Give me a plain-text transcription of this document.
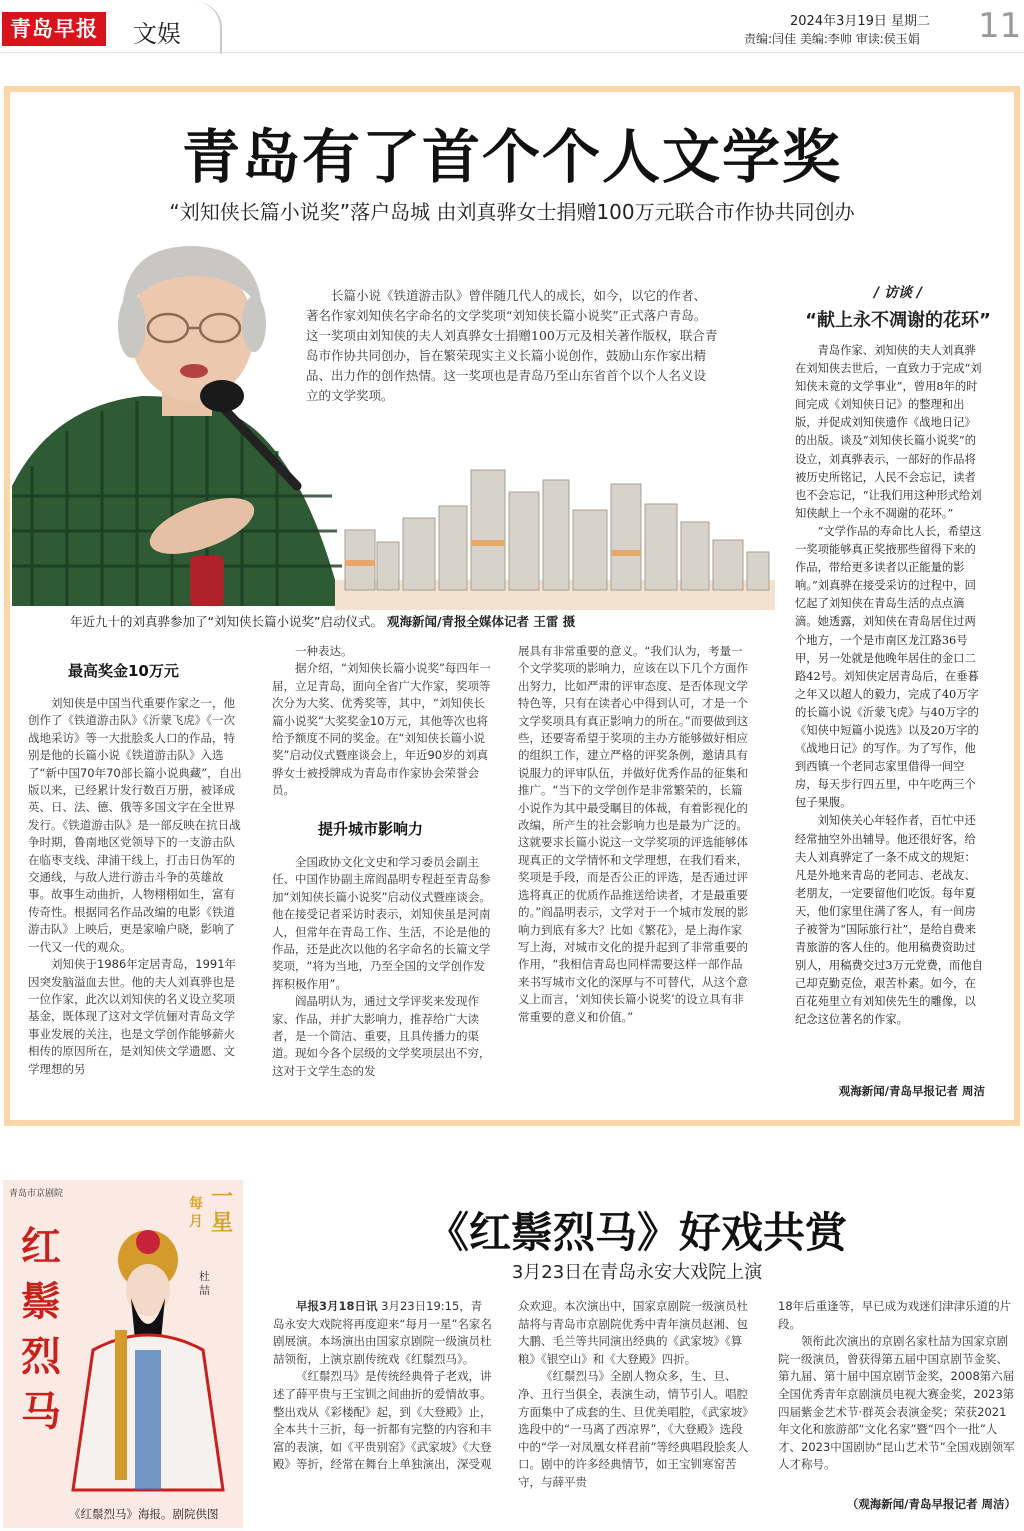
青岛早报	文娱	2024年3月19日 星期二
责编:闫佳 美编:李帅 审读:侯玉娟 11
青岛有了首个个人文学奖
“刘知侠长篇小说奖”落户岛城 由刘真骅女士捐赠100万元联合市作协共同创办
长篇小说《铁道游击队》曾伴随几代人的成长，如今，以它的作者、著名作家刘知侠名字命名的文学奖项“刘知侠长篇小说奖”正式落户青岛。这一奖项由刘知侠的夫人刘真骅女士捐赠100万元及相关著作版权，联合青岛市作协共同创办，旨在繁荣现实主义长篇小说创作，鼓励山东作家出精品、出力作的创作热情。这一奖项也是青岛乃至山东省首个以个人名义设立的文学奖项。
年近九十的刘真骅参加了“刘知侠长篇小说奖”启动仪式。 观海新闻/青报全媒体记者 王雷 摄
/ 访谈 /
“献上永不凋谢的花环”

青岛作家、刘知侠的夫人刘真骅在刘知侠去世后，一直致力于完成“刘知侠未竟的文学事业”，曾用8年的时间完成《刘知侠日记》的整理和出版，并促成刘知侠遗作《战地日记》的出版。谈及“刘知侠长篇小说奖”的设立，刘真骅表示，一部好的作品将被历史所铭记，人民不会忘记，读者也不会忘记，“让我们用这种形式给刘知侠献上一个永不凋谢的花环。”

“文学作品的寿命比人长，希望这一奖项能够真正奖掖那些留得下来的作品，带给更多读者以正能量的影响。”刘真骅在接受采访的过程中，回忆起了刘知侠在青岛生活的点点滴滴。她透露，刘知侠在青岛居住过两个地方，一个是市南区龙江路36号甲，另一处就是他晚年居住的金口二路42号。刘知侠定居青岛后，在垂暮之年又以超人的毅力，完成了40万字的长篇小说《沂蒙飞虎》与40万字的《知侠中短篇小说选》以及20万字的《战地日记》的写作。为了写作，他到西镇一个老同志家里借得一间空房，每天步行四五里，中午吃两三个包子果腹。

刘知侠关心年轻作者，百忙中还经常抽空外出辅导。他还很好客，给夫人刘真骅定了一条不成文的规矩：凡是外地来青岛的老同志、老战友、老朋友，一定要留他们吃饭。每年夏天，他们家里住满了客人，有一间房子被誉为“国际旅行社”，是给自费来青旅游的客人住的。他用稿费资助过别人，用稿费交过3万元党费，而他自己却克勤克俭，艰苦朴素。如今，在百花苑里立有刘知侠先生的雕像，以纪念这位著名的作家。

观海新闻/青岛早报记者 周洁
最高奖金10万元

刘知侠是中国当代重要作家之一，他创作了《铁道游击队》《沂蒙飞虎》《一次战地采访》等一大批脍炙人口的作品，特别是他的长篇小说《铁道游击队》入选了“新中国70年70部长篇小说典藏”，自出版以来，已经累计发行数百万册，被译成英、日、法、德、俄等多国文字在全世界发行。《铁道游击队》是一部反映在抗日战争时期，鲁南地区党领导下的一支游击队在临枣支线、津浦干线上，打击日伪军的交通线，与敌人进行游击斗争的英雄故事。故事生动曲折，人物栩栩如生，富有传奇性。根据同名作品改编的电影《铁道游击队》上映后，更是家喻户晓，影响了一代又一代的观众。

刘知侠于1986年定居青岛，1991年因突发脑溢血去世。他的夫人刘真骅也是一位作家，此次以刘知侠的名义设立奖项基金，既体现了这对文学伉俪对青岛文学事业发展的关注，也是文学创作能够薪火相传的原因所在，是刘知侠文学遗愿、文学理想的另

一种表达。

据介绍，“刘知侠长篇小说奖”每四年一届，立足青岛，面向全省广大作家，奖项等次分为大奖、优秀奖等，其中，“刘知侠长篇小说奖”大奖奖金10万元，其他等次也将给予额度不同的奖金。在“刘知侠长篇小说奖”启动仪式暨座谈会上，年近90岁的刘真骅女士被授牌成为青岛市作家协会荣誉会员。

提升城市影响力

全国政协文化文史和学习委员会副主任、中国作协副主席阎晶明专程赶至青岛参加“刘知侠长篇小说奖”启动仪式暨座谈会。他在接受记者采访时表示，刘知侠虽是河南人，但常年在青岛工作、生活，不论是他的作品，还是此次以他的名字命名的长篇文学奖项，“将为当地，乃至全国的文学创作发挥积极作用”。

阎晶明认为，通过文学评奖来发现作家、作品，并扩大影响力，推荐给广大读者，是一个简洁、重要，且具传播力的渠道。现如今各个层级的文学奖项层出不穷，这对于文学生态的发

展具有非常重要的意义。“我们认为，考量一个文学奖项的影响力，应该在以下几个方面作出努力，比如严肃的评审态度、是否体现文学特色等，只有在读者心中得到认可，才是一个文学奖项具有真正影响力的所在。”而要做到这些，还要寄希望于奖项的主办方能够做好相应的组织工作，建立严格的评奖条例，邀请具有说服力的评审队伍，并做好优秀作品的征集和推广。“当下的文学创作是非常繁荣的，长篇小说作为其中最受瞩目的体裁，有着影视化的改编，所产生的社会影响力也是最为广泛的。这就要求长篇小说这一文学奖项的评选能够体现真正的文学情怀和文学理想，在我们看来，奖项是手段，而是否公正的评选，是否通过评选将真正的优质作品推送给读者，才是最重要的。”阎晶明表示，文学对于一个城市发展的影响力到底有多大？比如《繁花》，是上海作家写上海，对城市文化的提升起到了非常重要的作用，“我相信青岛也同样需要这样一部作品来书写城市文化的深厚与不可替代，从这个意义上而言，‘刘知侠长篇小说奖’的设立具有非常重要的意义和价值。”

青岛市京剧院
红
鬃
烈
马
每
月
一
星
杜
喆
《红鬃烈马》海报。剧院供图
《红鬃烈马》好戏共赏
3月23日在青岛永安大戏院上演

早报3月18日讯 3月23日19:15，青岛永安大戏院将再度迎来“每月一星”名家名剧展演。本场演出由国家京剧院一级演员杜喆领衔，上演京剧传统戏《红鬃烈马》。

《红鬃烈马》是传统经典骨子老戏，讲述了薛平贵与王宝钏之间曲折的爱情故事。整出戏从《彩楼配》起，到《大登殿》止，全本共十三折，每一折都有完整的内容和丰富的表演，如《平贵别窑》《武家坡》《大登殿》等折，经常在舞台上单独演出，深受观

众欢迎。本次演出中，国家京剧院一级演员杜喆将与青岛市京剧院优秀中青年演员赵湘、包大鹏、毛兰等共同演出经典的《武家坡》《算粮》《银空山》和《大登殿》四折。

《红鬃烈马》全剧人物众多，生、旦、净、丑行当俱全，表演生动，情节引人。唱腔方面集中了成套的生、旦优美唱腔，《武家坡》选段中的“一马离了西凉界”，《大登殿》选段中的“学一对凤凰女样君前”等经典唱段脍炙人口。剧中的许多经典情节，如王宝钏寒窑苦守，与薛平贵

18年后重逢等，早已成为戏迷们津津乐道的片段。

领衔此次演出的京剧名家杜喆为国家京剧院一级演员，曾获得第五届中国京剧节金奖、第九届、第十届中国京剧节金奖，2008第六届全国优秀青年京剧演员电视大赛金奖，2023第四届紫金艺术节·群英会表演金奖；荣获2021年文化和旅游部“文化名家”暨“四个一批”人才、2023中国剧协“昆山艺术节”全国戏剧领军人才称号。

（观海新闻/青岛早报记者 周洁）
